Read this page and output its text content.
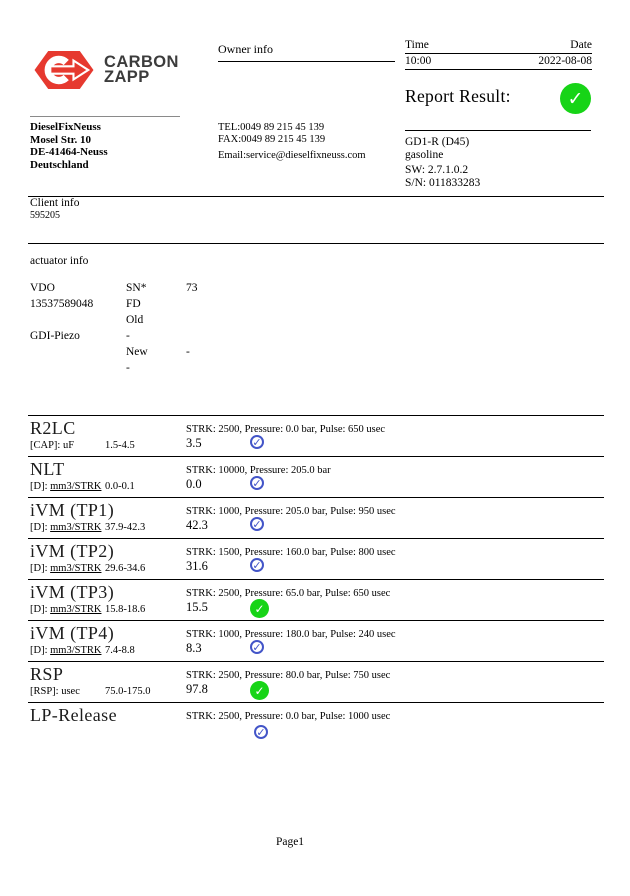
CARBON
ZAPP
Owner info	Time	Date
10:00	2022-08-08
Report Result:	✓
DieselFixNeuss
Mosel Str. 10
DE-41464-Neuss
Deutschland
TEL:0049 89 215 45 139
FAX:0049 89 215 45 139
Email:service@dieselfixneuss.com
GD1-R (D45)
gasoline
SW: 2.7.1.0.2
S/N: 011833283
Client info
595205
actuator info
VDO	SN*	73
13537589048	FD
Old
GDI-Piezo	-
New	-
-
R2LC	STRK: 2500, Pressure: 0.0 bar, Pulse: 650 usec
[CAP]: uF	1.5-4.5	3.5	✓
NLT	STRK: 10000, Pressure: 205.0 bar
[D]: mm3/STRK 0.0-0.1	0.0	✓
iVM (TP1)	STRK: 1000, Pressure: 205.0 bar, Pulse: 950 usec
[D]: mm3/STRK 37.9-42.3	42.3	✓
iVM (TP2)	STRK: 1500, Pressure: 160.0 bar, Pulse: 800 usec
[D]: mm3/STRK 29.6-34.6	31.6	✓
iVM (TP3)	STRK: 2500, Pressure: 65.0 bar, Pulse: 650 usec
[D]: mm3/STRK 15.8-18.6	15.5	✓
iVM (TP4)	STRK: 1000, Pressure: 180.0 bar, Pulse: 240 usec
[D]: mm3/STRK 7.4-8.8	8.3	✓
RSP	STRK: 2500, Pressure: 80.0 bar, Pulse: 750 usec
[RSP]: usec 75.0-175.0	97.8	✓
LP-Release	STRK: 2500, Pressure: 0.0 bar, Pulse: 1000 usec
✓
Page1
